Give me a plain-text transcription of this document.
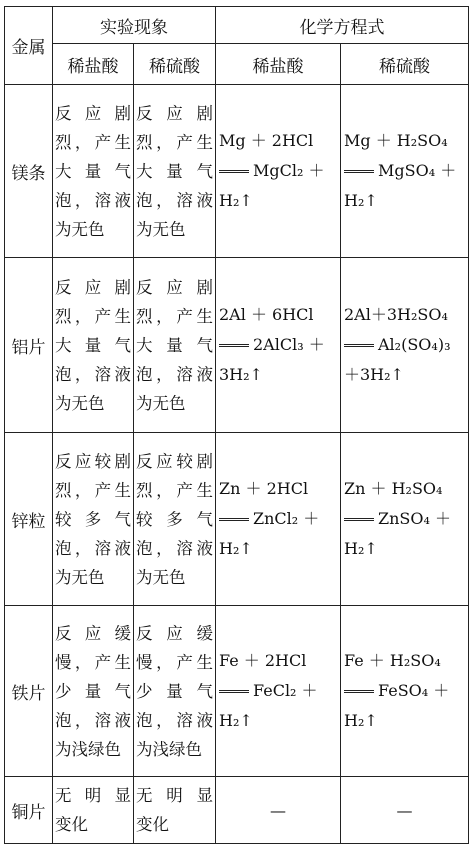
金属	实验现象		化学方程式	
	稀盐酸	稀硫酸	稀盐酸	稀硫酸
镁条	反应剧
烈，产生
大量气
泡，溶液
为无色	反应剧
烈，产生
大量气
泡，溶液
为无色	Mg ＋ 2HCl
MgCl₂ ＋
H₂↑	Mg ＋ H₂SO₄
MgSO₄ ＋
H₂↑

铝片	反应剧
烈，产生
大量气
泡，溶液
为无色	反应剧
烈，产生
大量气
泡，溶液
为无色	2Al ＋ 6HCl
2AlCl₃ ＋
3H₂↑	2Al＋3H₂SO₄
Al₂(SO₄)₃
＋3H₂↑

锌粒	反应较剧
烈，产生
较多气
泡，溶液
为无色	反应较剧
烈，产生
较多气
泡，溶液
为无色	Zn ＋ 2HCl
ZnCl₂ ＋
H₂↑	Zn ＋ H₂SO₄
ZnSO₄ ＋
H₂↑

铁片	反应缓
慢，产生
少量气
泡，溶液
为浅绿色	反应缓
慢，产生
少量气
泡，溶液
为浅绿色	Fe ＋ 2HCl
FeCl₂ ＋
H₂↑	Fe ＋ H₂SO₄
FeSO₄ ＋
H₂↑

铜片	无明显
变化	无明显
变化	—	—
